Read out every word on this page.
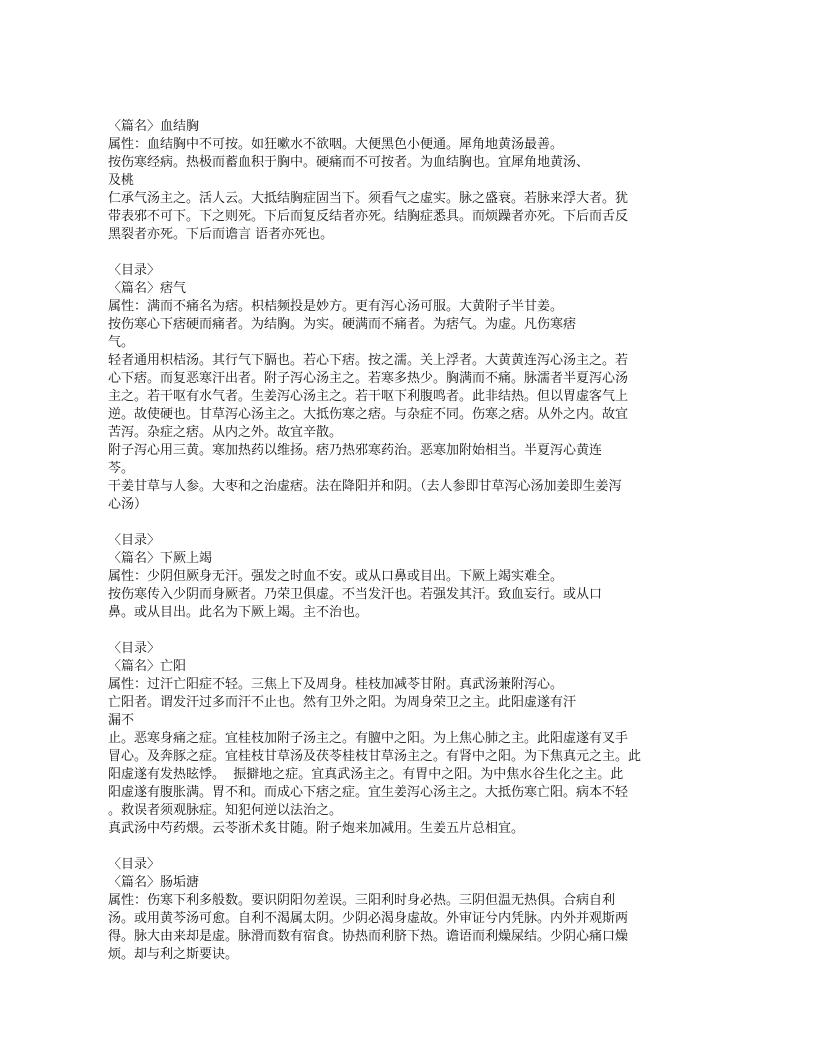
〈篇名〉血结胸
属性：血结胸中不可按。如狂嗽水不欲咽。大便黑色小便通。犀角地黄汤最善。
按伤寒经病。热极而蓄血积于胸中。硬痛而不可按者。为血结胸也。宜犀角地黄汤、
及桃
仁承气汤主之。活人云。大抵结胸症固当下。须看气之虚实。脉之盛衰。若脉来浮大者。犹
带表邪不可下。下之则死。下后而复反结者亦死。结胸症悉具。而烦躁者亦死。下后而舌反
黑裂者亦死。下后而谵言 语者亦死也。
〈目录〉
〈篇名〉痞气
属性：满而不痛名为痞。枳桔频投是妙方。更有泻心汤可服。大黄附子半甘姜。
按伤寒心下痞硬而痛者。为结胸。为实。硬满而不痛者。为痞气。为虚。凡伤寒痞
气。
轻者通用枳桔汤。其行气下膈也。若心下痞。按之濡。关上浮者。大黄黄连泻心汤主之。若
心下痞。而复恶寒汗出者。附子泻心汤主之。若寒多热少。胸满而不痛。脉濡者半夏泻心汤
主之。若干呕有水气者。生姜泻心汤主之。若干呕下利腹鸣者。此非结热。但以胃虚客气上
逆。故使硬也。甘草泻心汤主之。大抵伤寒之痞。与杂症不同。伤寒之痞。从外之内。故宜
苦泻。杂症之痞。从内之外。故宜辛散。
附子泻心用三黄。寒加热药以维扬。痞乃热邪寒药治。恶寒加附始相当。半夏泻心黄连
芩。
干姜甘草与人参。大枣和之治虚痞。法在降阳并和阴。（去人参即甘草泻心汤加姜即生姜泻
心汤）
〈目录〉
〈篇名〉下厥上竭
属性：少阴但厥身无汗。强发之时血不安。或从口鼻或目出。下厥上竭实难全。
按伤寒传入少阴而身厥者。乃荣卫俱虚。不当发汗也。若强发其汗。致血妄行。或从口
鼻。或从目出。此名为下厥上竭。主不治也。
〈目录〉
〈篇名〉亡阳
属性：过汗亡阳症不轻。三焦上下及周身。桂枝加减苓甘附。真武汤兼附泻心。
亡阳者。谓发汗过多而汗不止也。然有卫外之阳。为周身荣卫之主。此阳虚遂有汗
漏不
止。恶寒身痛之症。宜桂枝加附子汤主之。有膻中之阳。为上焦心肺之主。此阳虚遂有叉手
冒心。及奔豚之症。宜桂枝甘草汤及茯苓桂枝甘草汤主之。有肾中之阳。为下焦真元之主。此
阳虚遂有发热眩悸。  振擗地之症。宜真武汤主之。有胃中之阳。为中焦水谷生化之主。此
阳虚遂有腹胀满。胃不和。而成心下痞之症。宜生姜泻心汤主之。大抵伤寒亡阳。病本不轻
。救误者须观脉症。知犯何逆以法治之。
真武汤中芍药煨。云苓浙术炙甘随。附子炮来加减用。生姜五片总相宜。
〈目录〉
〈篇名〉肠垢溏
属性：伤寒下利多般数。要识阴阳勿差误。三阳利时身必热。三阴但温无热俱。合病自利
汤。或用黄芩汤可愈。自利不渴属太阴。少阴必渴身虚故。外审证兮内凭脉。内外并观斯两
得。脉大由来却是虚。脉滑而数有宿食。协热而利脐下热。谵语而利燥屎结。少阴心痛口燥
烦。却与利之斯要诀。
